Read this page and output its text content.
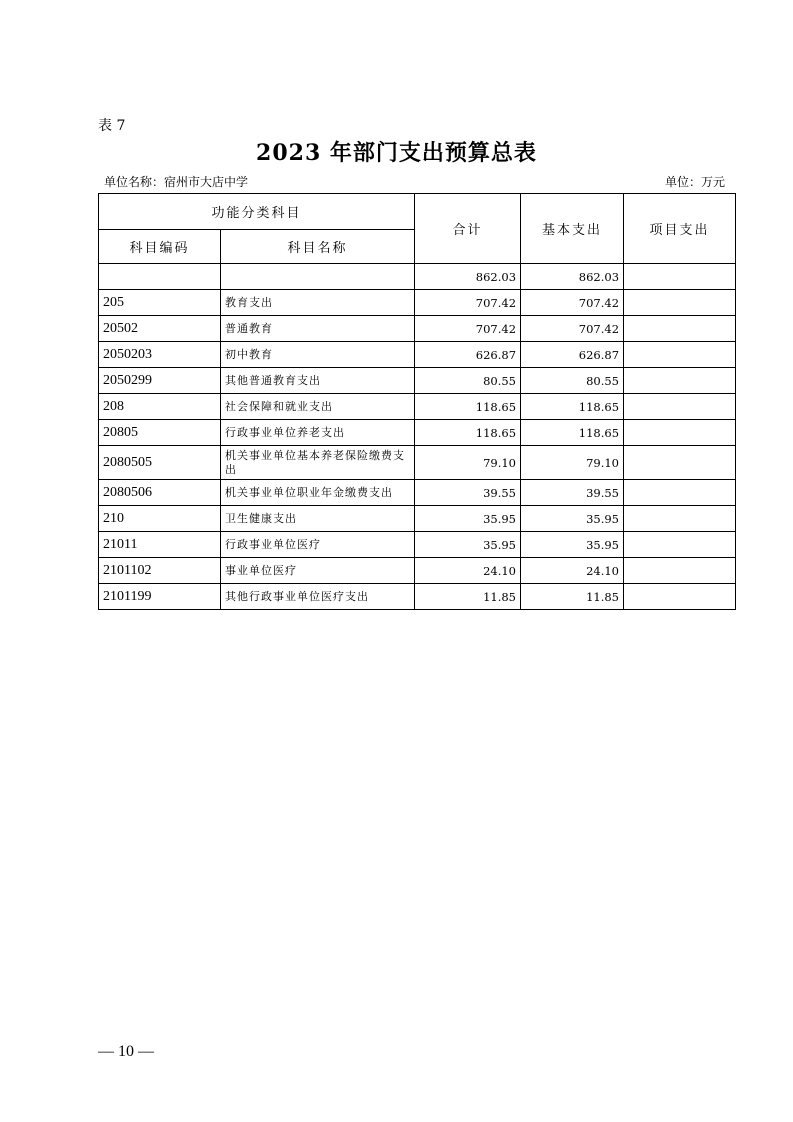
表 7
2023 年部门支出预算总表
单位名称：宿州市大店中学	单位：万元
功能分类科目		合计	基本支出	项目支出
科目编码	科目名称			
		862.03	862.03	
205	教育支出	707.42	707.42	
20502	普通教育	707.42	707.42	
2050203	初中教育	626.87	626.87	
2050299	其他普通教育支出	80.55	80.55	
208	社会保障和就业支出	118.65	118.65	
20805	行政事业单位养老支出	118.65	118.65	
2080505	机关事业单位基本养老保险缴费支出	79.10	79.10	
2080506	机关事业单位职业年金缴费支出	39.55	39.55	
210	卫生健康支出	35.95	35.95	
21011	行政事业单位医疗	35.95	35.95	
2101102	事业单位医疗	24.10	24.10	
2101199	其他行政事业单位医疗支出	11.85	11.85	
— 10 —
